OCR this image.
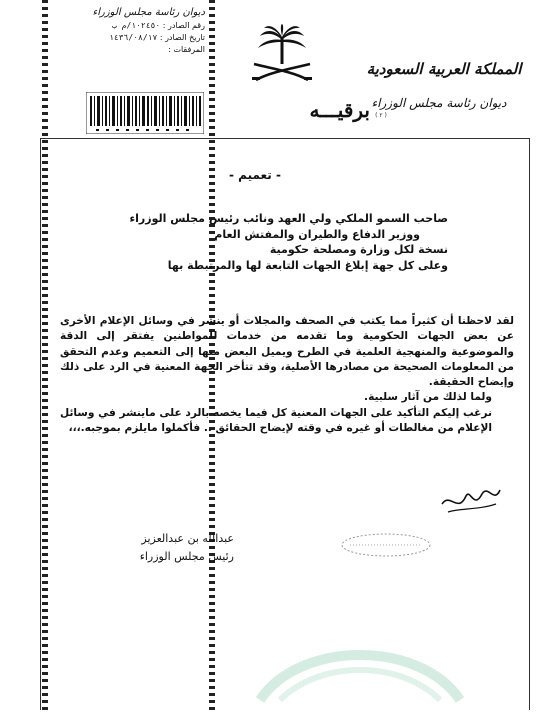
ديوان رئاسة مجلس الوزراء
رقم الصادر : ١٠٢٤٥٠/م ب
تاريخ الصادر : ١٤٣٦/٠٨/١٧
المرفقات :
برقيـــه
المملكة العربية السعودية
ديوان رئاسة مجلس الوزراء
( ٢ )
- تعميم -
صاحب السمو الملكي ولي العهد ونائب رئيس مجلس الوزراء
ووزير الدفاع والطيران والمفتش العام
نسخة لكل وزارة ومصلحة حكومية
وعلى كل جهة إبلاغ الجهات التابعة لها والمرتبطة بها

لقد لاحظنا أن كثيراً مما يكتب في الصحف والمجلات أو ينشر في وسائل الإعلام الأخرى عن بعض الجهات الحكومية وما تقدمه من خدمات للمواطنين يفتقر إلى الدقة والموضوعية والمنهجية العلمية في الطرح ويميل البعض منها إلى التعميم وعدم التحقق من المعلومات الصحيحة من مصادرها الأصلية، وقد تتأخر الجهة المعنية في الرد على ذلك وإيضاح الحقيقة.

ولما لذلك من آثار سلبية.

نرغب إليكم التأكيد على الجهات المعنية كل فيما يخصه بالرد على ماينشر في وسائل الإعلام من مغالطات أو غيره في وقته لإيضاح الحقائق .. فأكملوا مايلزم بموجبه.،،،

عبدالله بن عبدالعزيز
رئيس مجلس الوزراء
